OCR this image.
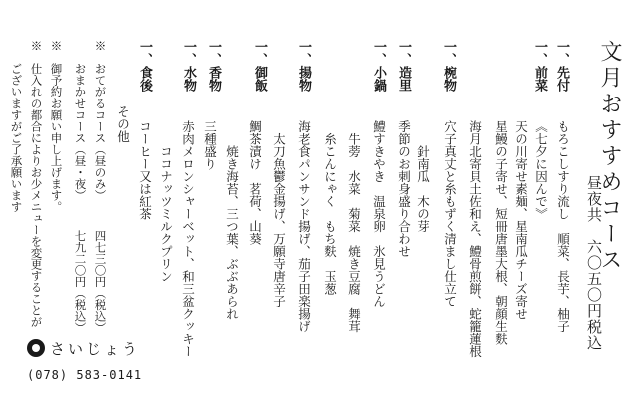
文月おすすめコース
昼夜共　六〇五〇円税込
一、先付
もろこしすり流し　順菜、長芋、柚子
一、前菜
《七夕に因んで》
天の川寄せ素麺、星南瓜チーズ寄せ
星鰻の子寄せ、短冊唐墨大根、朝顔生麩
一、椀物
海月北寄貝土佐和え、鱧骨煎餅、蛇籠蓮根
穴子真丈と糸もずく清まし仕立て
　　針南瓜　木の芽
一、造里
季節のお刺身盛り合わせ
一、小鍋
鱧すきやき　温泉卵　氷見うどん
　牛蒡　水菜　菊菜　焼き豆腐　舞茸
　糸こんにゃく　もち麩　玉葱
一、揚物
海老食パンサンド揚げ、茄子田楽揚げ
　太刀魚鬱金揚げ、万願寺唐辛子
一、御飯
鯛茶漬け　茗荷、山葵
　　焼き海苔、三つ葉、ぶぶあられ
一、香物
三種盛り
一、水物
赤肉メロンシャーベット、和三盆クッキー
　　ココナッツミルクプリン
一、食後
コーヒー又は紅茶
　　その他
※　おてがるコース（昼のみ）　　　四七三〇円（税込）
　　おまかせコース（昼・夜）　　　七九二〇円（税込）
※　御予約お願い申し上げます。
※　仕入れの都合によりお少メニューを変更することが
　　ございますがご了承願います
さいじょう
(078) 583-0141
